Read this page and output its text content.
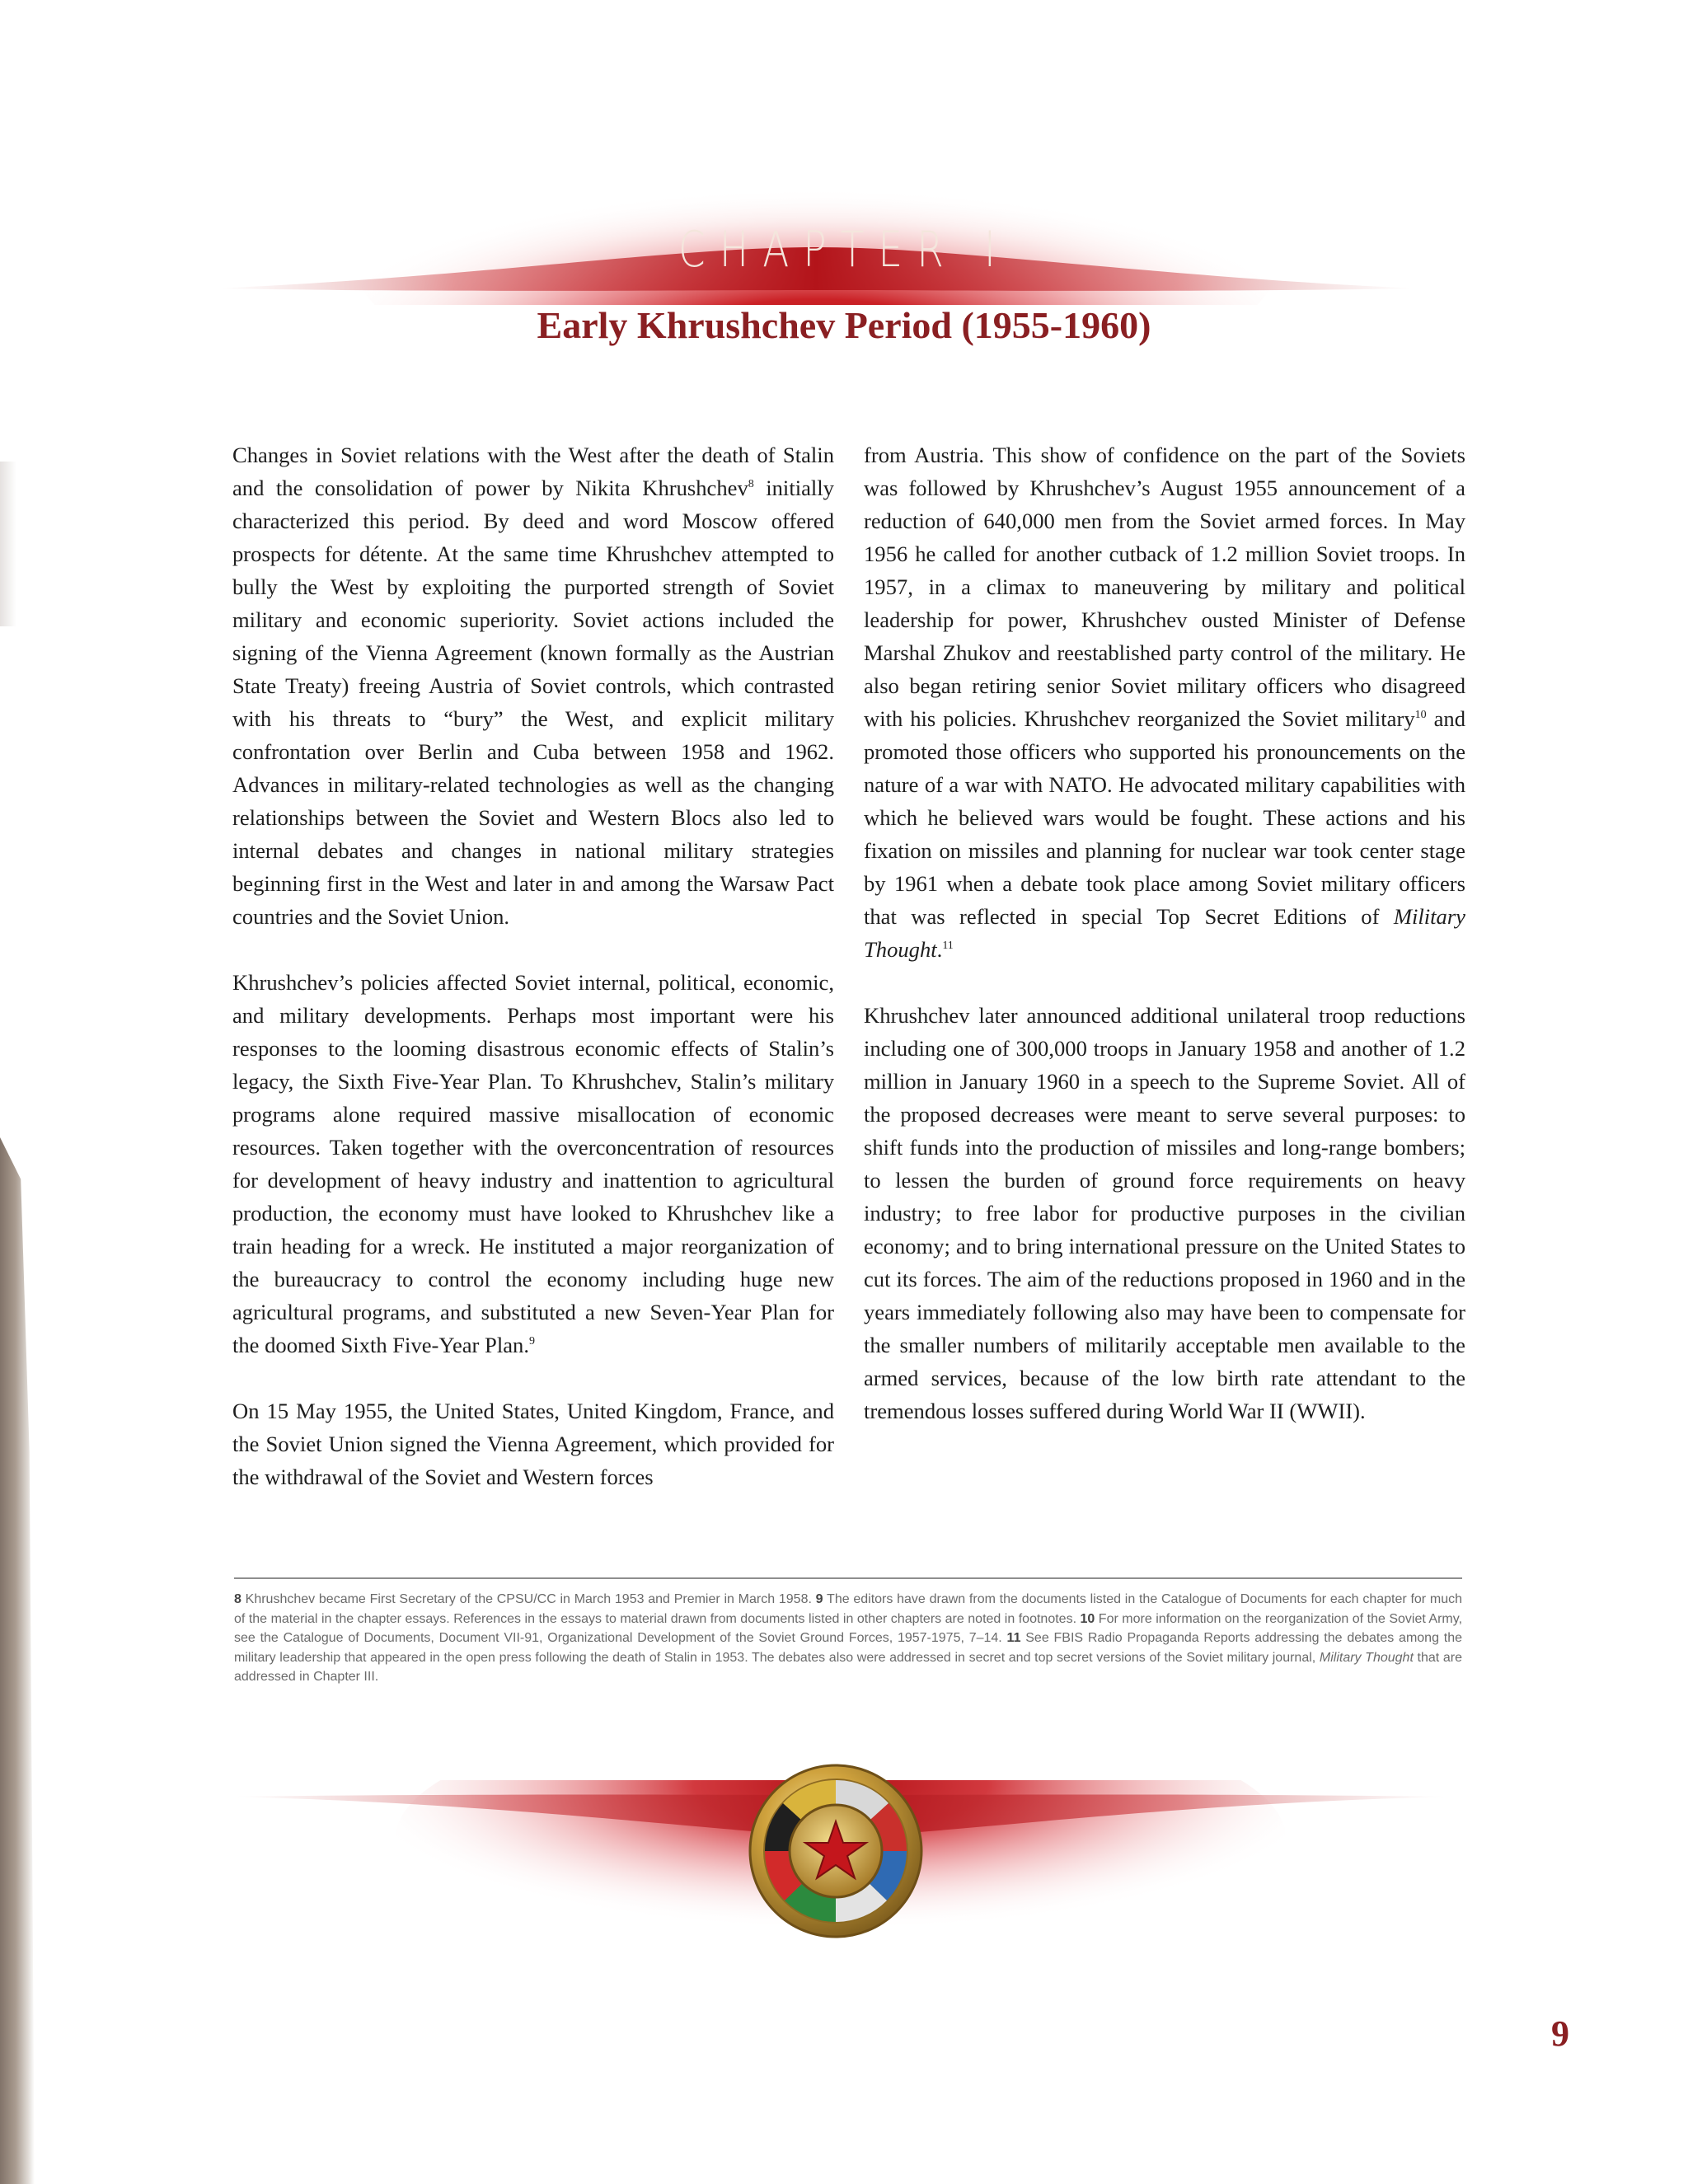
CHAPTER I
Early Khrushchev Period (1955-1960)

Changes in Soviet relations with the West after the death of Stalin and the consolidation of power by Nikita Khrushchev$^8$ initially characterized this period. By deed and word Moscow offered prospects for détente. At the same time Khrushchev attempted to bully the West by exploiting the purported strength of Soviet military and economic superiority. Soviet actions included the signing of the Vienna Agreement (known formally as the Austrian State Treaty) freeing Austria of Soviet controls, which contrasted with his threats to “bury” the West, and explicit military confrontation over Berlin and Cuba between 1958 and 1962. Advances in military-related technologies as well as the changing relationships between the Soviet and Western Blocs also led to internal debates and changes in national military strategies beginning first in the West and later in and among the Warsaw Pact countries and the Soviet Union.

Khrushchev’s policies affected Soviet internal, political, economic, and military developments. Perhaps most important were his responses to the looming disastrous economic effects of Stalin’s legacy, the Sixth Five-Year Plan. To Khrushchev, Stalin’s military programs alone required massive misallocation of economic resources. Taken together with the overconcentration of resources for development of heavy industry and inattention to agricultural production, the economy must have looked to Khrushchev like a train heading for a wreck. He instituted a major reorganization of the bureaucracy to control the economy including huge new agricultural programs, and substituted a new Seven-Year Plan for the doomed Sixth Five-Year Plan.$^9$

On 15 May 1955, the United States, United Kingdom, France, and the Soviet Union signed the Vienna Agreement, which provided for the withdrawal of the Soviet and Western forces

from Austria. This show of confidence on the part of the Soviets was followed by Khrushchev’s August 1955 announcement of a reduction of 640,000 men from the Soviet armed forces. In May 1956 he called for another cutback of 1.2 million Soviet troops. In 1957, in a climax to maneuvering by military and political leadership for power, Khrushchev ousted Minister of Defense Marshal Zhukov and reestablished party control of the military. He also began retiring senior Soviet military officers who disagreed with his policies. Khrushchev reorganized the Soviet military$^{10}$ and promoted those officers who supported his pronouncements on the nature of a war with NATO. He advocated military capabilities with which he believed wars would be fought. These actions and his fixation on missiles and planning for nuclear war took center stage by 1961 when a debate took place among Soviet military officers that was reflected in special Top Secret Editions of Military Thought.$^{11}$

Khrushchev later announced additional unilateral troop reductions including one of 300,000 troops in January 1958 and another of 1.2 million in January 1960 in a speech to the Supreme Soviet. All of the proposed decreases were meant to serve several purposes: to shift funds into the production of missiles and long-range bombers; to lessen the burden of ground force requirements on heavy industry; to free labor for productive purposes in the civilian economy; and to bring international pressure on the United States to cut its forces. The aim of the reductions proposed in 1960 and in the years immediately following also may have been to compensate for the smaller numbers of militarily acceptable men available to the armed services, because of the low birth rate attendant to the tremendous losses suffered during World War II (WWII).

8 Khrushchev became First Secretary of the CPSU/CC in March 1953 and Premier in March 1958. 9 The editors have drawn from the documents listed in the Catalogue of Documents for each chapter for much of the material in the chapter essays. References in the essays to material drawn from documents listed in other chapters are noted in footnotes. 10 For more information on the reorganization of the Soviet Army, see the Catalogue of Documents, Document VII-91, Organizational Development of the Soviet Ground Forces, 1957-1975, 7–14. 11 See FBIS Radio Propaganda Reports addressing the debates among the military leadership that appeared in the open press following the death of Stalin in 1953. The debates also were addressed in secret and top secret versions of the Soviet military journal, Military Thought that are addressed in Chapter III.
9
